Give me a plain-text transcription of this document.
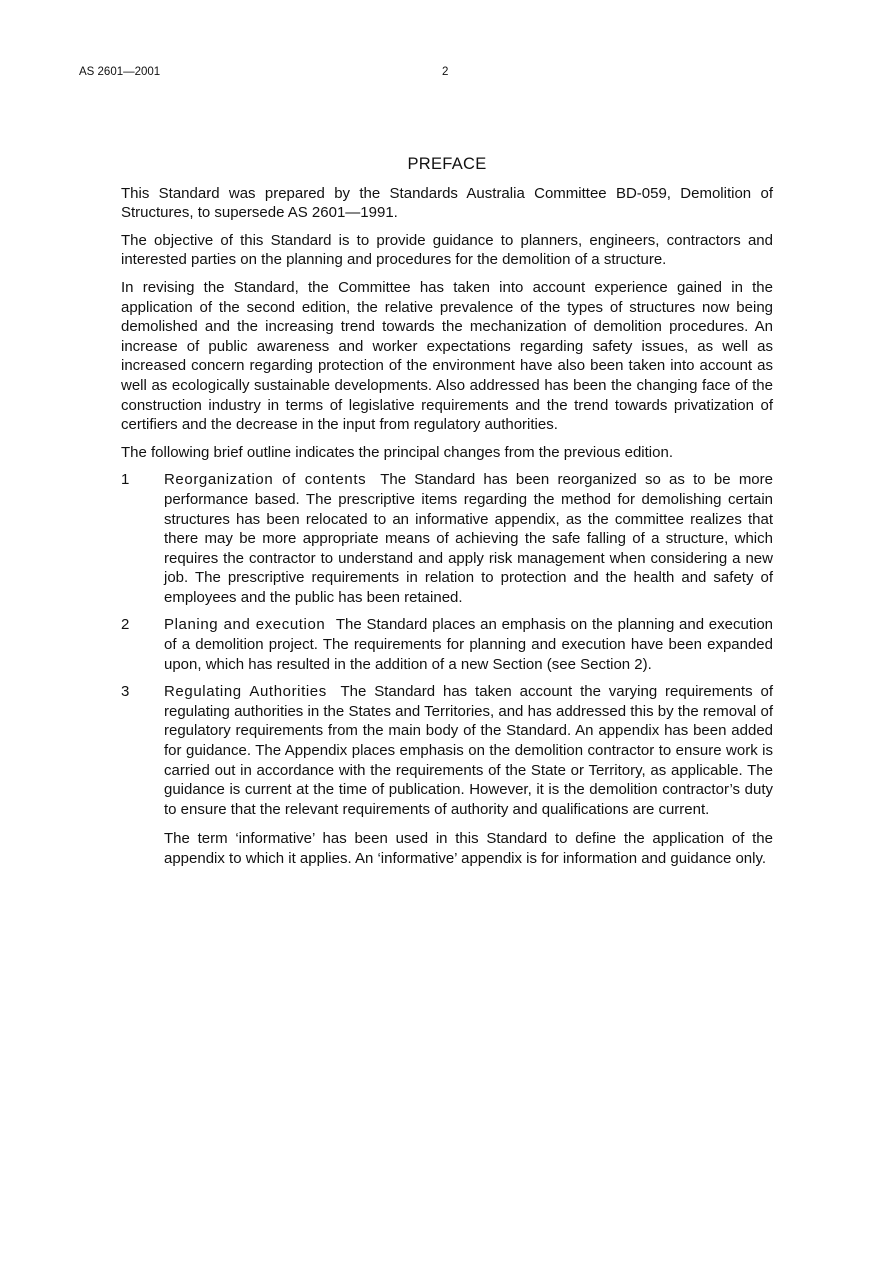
AS 2601—2001	2
PREFACE

This Standard was prepared by the Standards Australia Committee BD-059, Demolition of Structures, to supersede AS 2601—1991.

The objective of this Standard is to provide guidance to planners, engineers, contractors and interested parties on the planning and procedures for the demolition of a structure.

In revising the Standard, the Committee has taken into account experience gained in the application of the second edition, the relative prevalence of the types of structures now being demolished and the increasing trend towards the mechanization of demolition procedures. An increase of public awareness and worker expectations regarding safety issues, as well as increased concern regarding protection of the environment have also been taken into account as well as ecologically sustainable developments. Also addressed has been the changing face of the construction industry in terms of legislative requirements and the trend towards privatization of certifiers and the decrease in the input from regulatory authorities.

The following brief outline indicates the principal changes from the previous edition.

1 Reorganization of contents The Standard has been reorganized so as to be more performance based. The prescriptive items regarding the method for demolishing certain structures has been relocated to an informative appendix, as the committee realizes that there may be more appropriate means of achieving the safe falling of a structure, which requires the contractor to understand and apply risk management when considering a new job. The prescriptive requirements in relation to protection and the health and safety of employees and the public has been retained.
2 Planing and execution The Standard places an emphasis on the planning and execution of a demolition project. The requirements for planning and execution have been expanded upon, which has resulted in the addition of a new Section (see Section 2).
3 Regulating Authorities The Standard has taken account the varying requirements of regulating authorities in the States and Territories, and has addressed this by the removal of regulatory requirements from the main body of the Standard. An appendix has been added for guidance. The Appendix places emphasis on the demolition contractor to ensure work is carried out in accordance with the requirements of the State or Territory, as applicable. The guidance is current at the time of publication. However, it is the demolition contractor’s duty to ensure that the relevant requirements of authority and qualifications are current.

The term ‘informative’ has been used in this Standard to define the application of the appendix to which it applies. An ‘informative’ appendix is for information and guidance only.
